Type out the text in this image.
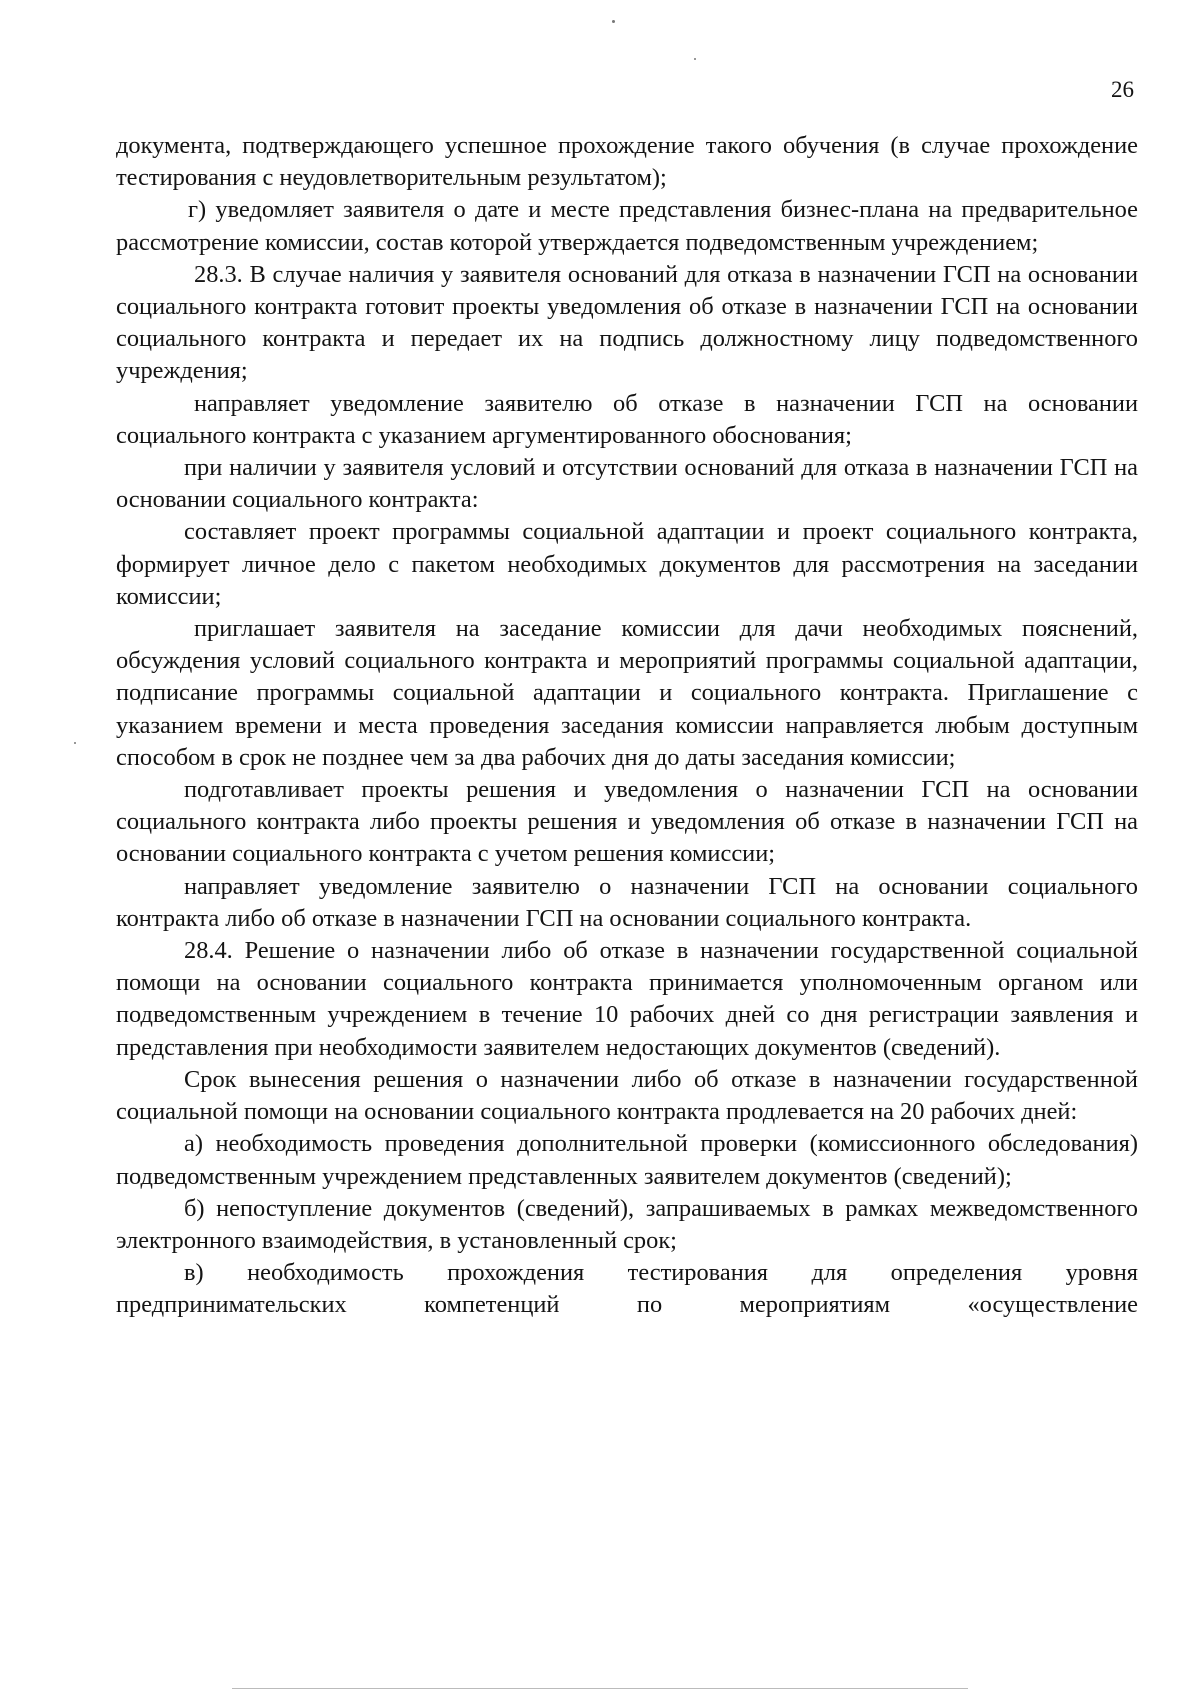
26

документа, подтверждающего успешное прохождение такого обучения (в случае прохождение тестирования с неудовлетворительным результатом);

г) уведомляет заявителя о дате и месте представления бизнес-плана на предварительное рассмотрение комиссии, состав которой утверждается подведомственным учреждением;

28.3. В случае наличия у заявителя оснований для отказа в назначении ГСП на основании социального контракта готовит проекты уведомления об отказе в назначении ГСП на основании социального контракта и передает их на подпись должностному лицу подведомственного учреждения;

направляет уведомление заявителю об отказе в назначении ГСП на основании социального контракта с указанием аргументированного обоснования;

при наличии у заявителя условий и отсутствии оснований для отказа в назначении ГСП на основании социального контракта:

составляет проект программы социальной адаптации и проект социального контракта, формирует личное дело с пакетом необходимых документов для рассмотрения на заседании комиссии;

приглашает заявителя на заседание комиссии для дачи необходимых пояснений, обсуждения условий социального контракта и мероприятий программы социальной адаптации, подписание программы социальной адаптации и социального контракта. Приглашение с указанием времени и места проведения заседания комиссии направляется любым доступным способом в срок не позднее чем за два рабочих дня до даты заседания комиссии;

подготавливает проекты решения и уведомления о назначении ГСП на основании социального контракта либо проекты решения и уведомления об отказе в назначении ГСП на основании социального контракта с учетом решения комиссии;

направляет уведомление заявителю о назначении ГСП на основании социального контракта либо об отказе в назначении ГСП на основании социального контракта.

28.4. Решение о назначении либо об отказе в назначении государственной социальной помощи на основании социального контракта принимается уполномоченным органом или подведомственным учреждением в течение 10 рабочих дней со дня регистрации заявления и представления при необходимости заявителем недостающих документов (сведений).

Срок вынесения решения о назначении либо об отказе в назначении государственной социальной помощи на основании социального контракта продлевается на 20 рабочих дней:

а) необходимость проведения дополнительной проверки (комиссионного обследования) подведомственным учреждением представленных заявителем документов (сведений);

б) непоступление документов (сведений), запрашиваемых в рамках межведомственного электронного взаимодействия, в установленный срок;

в) необходимость прохождения тестирования для определения уровня предпринимательских компетенций по мероприятиям «осуществление
